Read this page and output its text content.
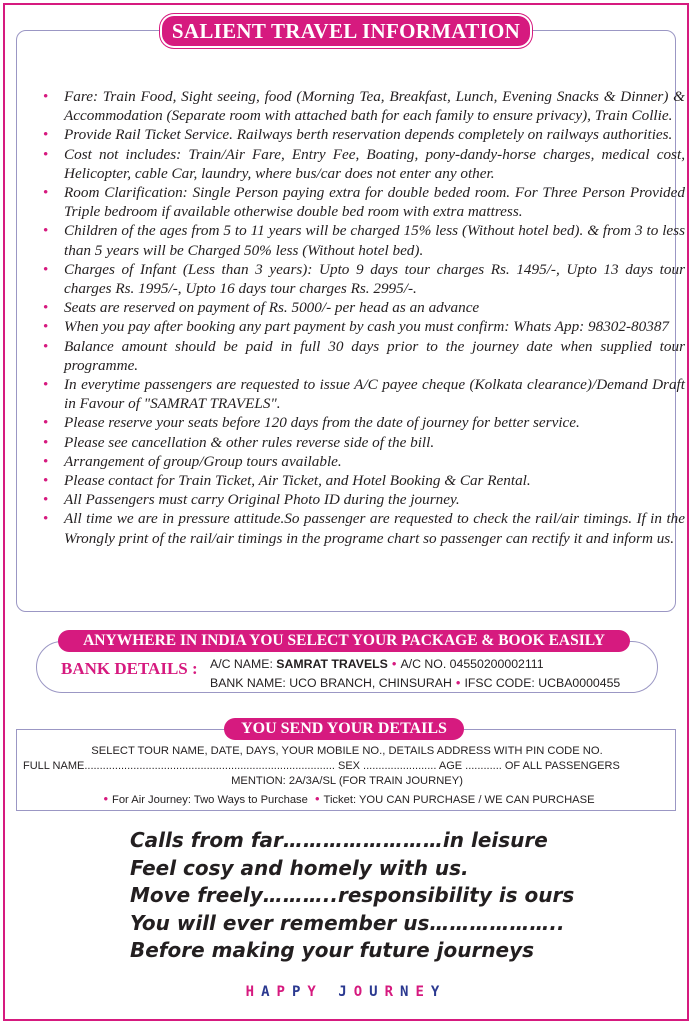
• Fare: Train Food, Sight seeing, food (Morning Tea, Breakfast, Lunch, Evening Snacks & Dinner) & Accommodation (Separate room with attached bath for each family to ensure privacy), Train Collie.
• Provide Rail Ticket Service. Railways berth reservation depends completely on railways authorities.
• Cost not includes: Train/Air Fare, Entry Fee, Boating, pony-dandy-horse charges, medical cost, Helicopter, cable Car, laundry, where bus/car does not enter any other.
• Room Clarification: Single Person paying extra for double beded room. For Three Person Provided Triple bedroom if available otherwise double bed room with extra mattress.
• Children of the ages from 5 to 11 years will be charged 15% less (Without hotel bed). & from 3 to less than 5 years will be Charged 50% less (Without hotel bed).
• Charges of Infant (Less than 3 years): Upto 9 days tour charges Rs. 1495/-, Upto 13 days tour charges Rs. 1995/-, Upto 16 days tour charges Rs. 2995/-.
• Seats are reserved on payment of Rs. 5000/- per head as an advance
• When you pay after booking any part payment by cash you must confirm: Whats App: 98302-80387
• Balance amount should be paid in full 30 days prior to the journey date when supplied tour programme.
• In everytime passengers are requested to issue A/C payee cheque (Kolkata clearance)/Demand Draft in Favour of "SAMRAT TRAVELS".
• Please reserve your seats before 120 days from the date of journey for better service.
• Please see cancellation & other rules reverse side of the bill.
• Arrangement of group/Group tours available.
• Please contact for Train Ticket, Air Ticket, and Hotel Booking & Car Rental.
• All Passengers must carry Original Photo ID during the journey.
• All time we are in pressure attitude.So passenger are requested to check the rail/air timings. If in the Wrongly print of the rail/air timings in the programe chart so passenger can rectify it and inform us.
SALIENT TRAVEL INFORMATION
BANK DETAILS : A/C NAME: SAMRAT TRAVELS • A/C NO. 04550200002111
BANK NAME: UCO BRANCH, CHINSURAH • IFSC CODE: UCBA0000455
ANYWHERE IN INDIA YOU SELECT YOUR PACKAGE & BOOK EASILY
SELECT TOUR NAME, DATE, DAYS, YOUR MOBILE NO., DETAILS ADDRESS WITH PIN CODE NO.
FULL NAME.................................................................................. SEX ........................ AGE ............ OF ALL PASSENGERS
MENTION: 2A/3A/SL (FOR TRAIN JOURNEY)
• For Air Journey: Two Ways to Purchase • Ticket: YOU CAN PURCHASE / WE CAN PURCHASE
YOU SEND YOUR DETAILS
Calls from far……………………in leisure
Feel cosy and homely with us.
Move freely………..responsibility is ours
You will ever remember us………………..
Before making your future journeys
HAPPY JOURNEY
